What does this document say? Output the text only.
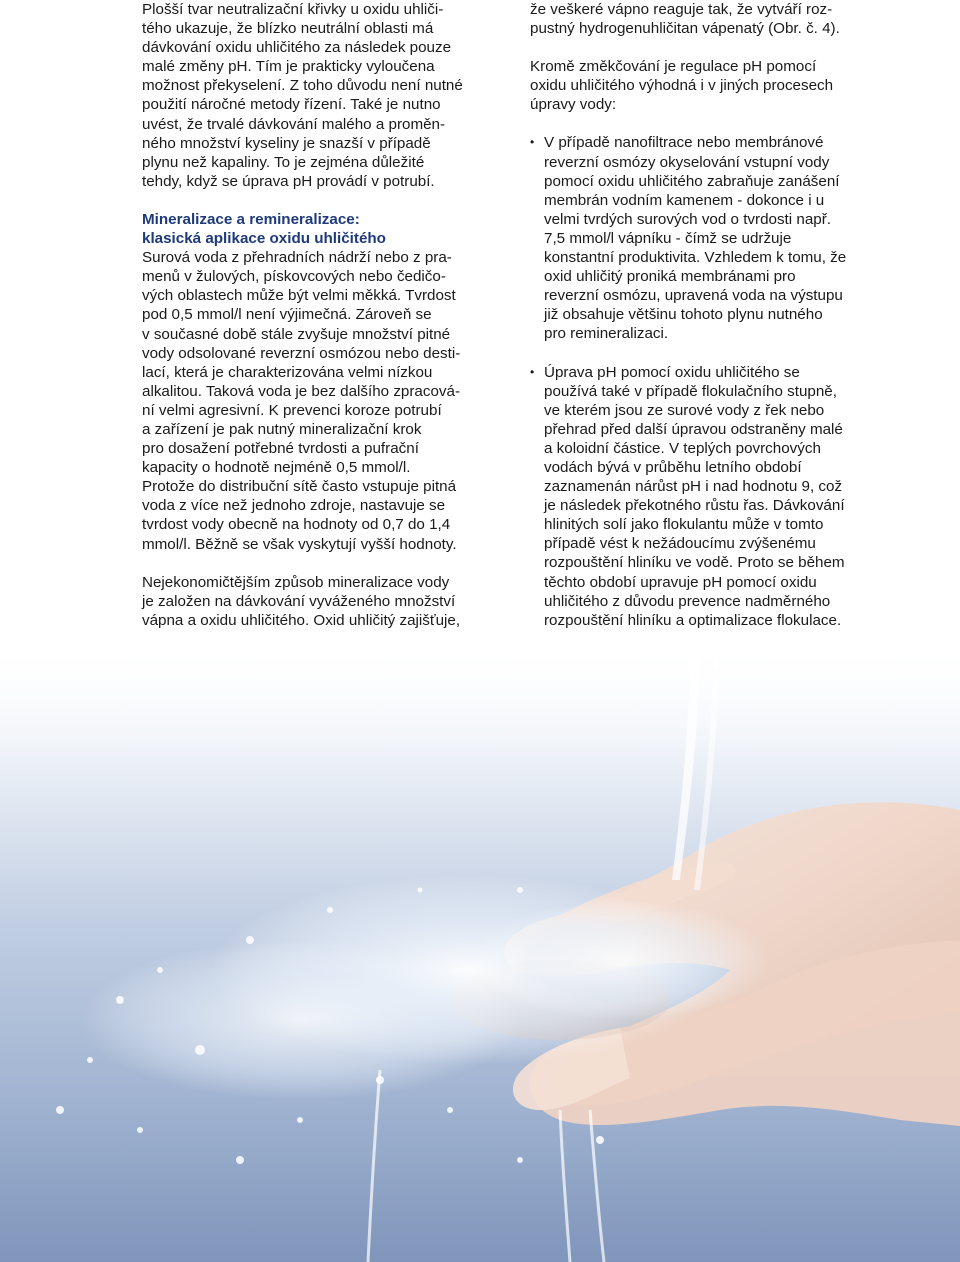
Plošší tvar neutralizační křivky u oxidu uhliči-
tého ukazuje, že blízko neutrální oblasti má
dávkování oxidu uhličitého za následek pouze
malé změny pH. Tím je prakticky vyloučena
možnost překyselení. Z toho důvodu není nutné
použití náročné metody řízení. Také je nutno
uvést, že trvalé dávkování malého a proměn-
ného množství kyseliny je snazší v případě
plynu než kapaliny. To je zejména důležité
tehdy, když se úprava pH provádí v potrubí.
Mineralizace a remineralizace:
klasická aplikace oxidu uhličitého
Surová voda z přehradních nádrží nebo z pra-
menů v žulových, pískovcových nebo čedičo-
vých oblastech může být velmi měkká. Tvrdost
pod 0,5 mmol/l není výjimečná. Zároveň se
v současné době stále zvyšuje množství pitné
vody odsolované reverzní osmózou nebo desti-
lací, která je charakterizována velmi nízkou
alkalitou. Taková voda je bez dalšího zpracová-
ní velmi agresivní. K prevenci koroze potrubí
a zařízení je pak nutný mineralizační krok
pro dosažení potřebné tvrdosti a pufrační
kapacity o hodnotě nejméně 0,5 mmol/l.
Protože do distribuční sítě často vstupuje pitná
voda z více než jednoho zdroje, nastavuje se
tvrdost vody obecně na hodnoty od 0,7 do 1,4
mmol/l. Běžně se však vyskytují vyšší hodnoty.
Nejekonomičtějším způsob mineralizace vody
je založen na dávkování vyváženého množství
vápna a oxidu uhličitého. Oxid uhličitý zajišťuje,
že veškeré vápno reaguje tak, že vytváří roz-
pustný hydrogenuhličitan vápenatý (Obr. č. 4).
Kromě změkčování je regulace pH pomocí
oxidu uhličitého výhodná i v jiných procesech
úpravy vody:
• V případě nanofiltrace nebo membránové
reverzní osmózy okyselování vstupní vody
pomocí oxidu uhličitého zabraňuje zanášení
membrán vodním kamenem - dokonce i u
velmi tvrdých surových vod o tvrdosti např.
7,5 mmol/l vápníku - čímž se udržuje
konstantní produktivita. Vzhledem k tomu, že
oxid uhličitý proniká membránami pro
reverzní osmózu, upravená voda na výstupu
již obsahuje většinu tohoto plynu nutného
pro remineralizaci.
• Úprava pH pomocí oxidu uhličitého se
používá také v případě flokulačního stupně,
ve kterém jsou ze surové vody z řek nebo
přehrad před další úpravou odstraněny malé
a koloidní částice. V teplých povrchových
vodách bývá v průběhu letního období
zaznamenán nárůst pH i nad hodnotu 9, což
je následek překotného růstu řas. Dávkování
hlinitých solí jako flokulantu může v tomto
případě vést k nežádoucímu zvýšenému
rozpouštění hliníku ve vodě. Proto se během
těchto období upravuje pH pomocí oxidu
uhličitého z důvodu prevence nadměrného
rozpouštění hliníku a optimalizace flokulace.
